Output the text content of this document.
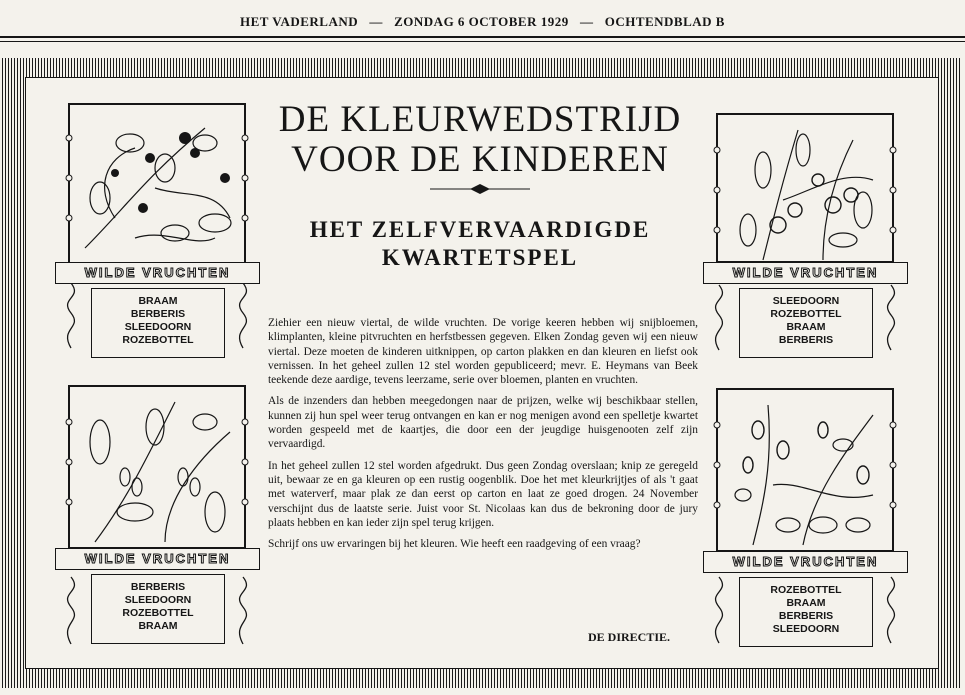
HET VADERLAND   —   ZONDAG 6 OCTOBER 1929   —   OCHTENDBLAD B
WILDE VRUCHTEN
BRAAM
BERBERIS
SLEEDOORN
ROZEBOTTEL
WILDE VRUCHTEN
SLEEDOORN
ROZEBOTTEL
BRAAM
BERBERIS
WILDE VRUCHTEN
BERBERIS
SLEEDOORN
ROZEBOTTEL
BRAAM
WILDE VRUCHTEN
ROZEBOTTEL
BRAAM
BERBERIS
SLEEDOORN
DE KLEURWEDSTRIJD
VOOR DE KINDEREN
HET ZELFVERVAARDIGDE
KWARTETSPEL

Ziehier een nieuw viertal, de wilde vruchten. De vorige keeren hebben wij snijbloemen, klimplanten, kleine pitvruchten en herfstbessen gegeven. Elken Zondag geven wij een nieuw viertal. Deze moeten de kinderen uitknippen, op carton plakken en dan kleuren en liefst ook vernissen. In het geheel zullen 12 stel worden gepubliceerd; mevr. E. Heymans van Beek teekende deze aardige, tevens leerzame, serie over bloemen, planten en vruchten.

Als de inzenders dan hebben meegedongen naar de prijzen, welke wij beschikbaar stellen, kunnen zij hun spel weer terug ontvangen en kan er nog menigen avond een spelletje kwartet worden gespeeld met de kaartjes, die door een der jeugdige huisgenooten zelf zijn vervaardigd.

In het geheel zullen 12 stel worden afgedrukt. Dus geen Zondag overslaan; knip ze geregeld uit, bewaar ze en ga kleuren op een rustig oogenblik. Doe het met kleurkrijtjes of als 't gaat met waterverf, maar plak ze dan eerst op carton en laat ze goed drogen. 24 November verschijnt dus de laatste serie. Juist voor St. Nicolaas kan dus de bekroning door de jury plaats hebben en kan ieder zijn spel terug krijgen.

Schrijf ons uw ervaringen bij het kleuren. Wie heeft een raadgeving of een vraag?

DE DIRECTIE.
